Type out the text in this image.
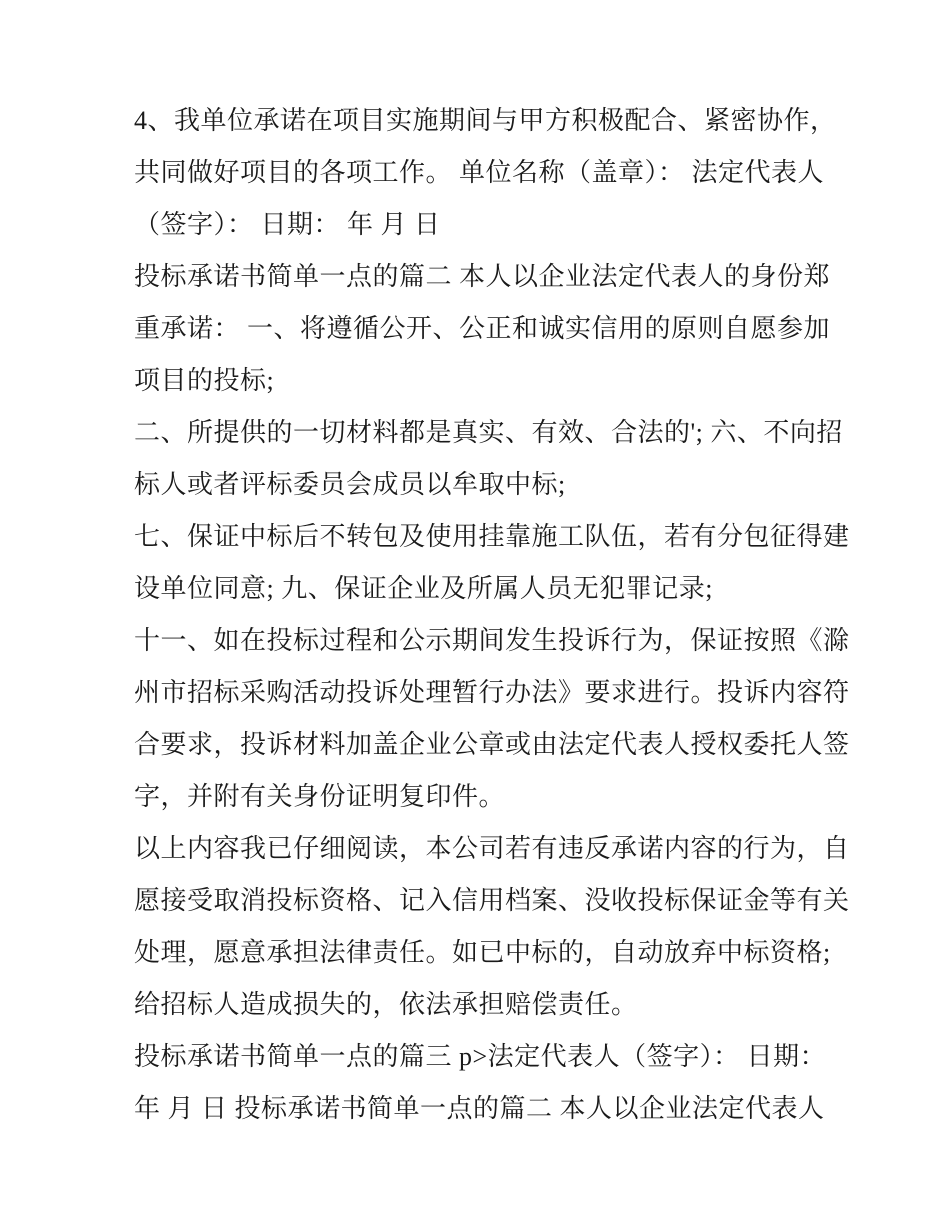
4、我单位承诺在项目实施期间与甲方积极配合、紧密协作，
共同做好项目的各项工作。 单位名称（盖章）： 法定代表人
（签字）： 日期： 年 月 日
投标承诺书简单一点的篇二 本人以企业法定代表人的身份郑
重承诺： 一、将遵循公开、公正和诚实信用的原则自愿参加
项目的投标;
二、所提供的一切材料都是真实、有效、合法的'; 六、不向招
标人或者评标委员会成员以牟取中标;
七、保证中标后不转包及使用挂靠施工队伍，若有分包征得建
设单位同意; 九、保证企业及所属人员无犯罪记录;
十一、如在投标过程和公示期间发生投诉行为，保证按照《滁
州市招标采购活动投诉处理暂行办法》要求进行。投诉内容符
合要求，投诉材料加盖企业公章或由法定代表人授权委托人签
字，并附有关身份证明复印件。
以上内容我已仔细阅读，本公司若有违反承诺内容的行为，自
愿接受取消投标资格、记入信用档案、没收投标保证金等有关
处理，愿意承担法律责任。如已中标的，自动放弃中标资格;
给招标人造成损失的，依法承担赔偿责任。
投标承诺书简单一点的篇三 p>法定代表人（签字）： 日期：
年 月 日 投标承诺书简单一点的篇二 本人以企业法定代表人
